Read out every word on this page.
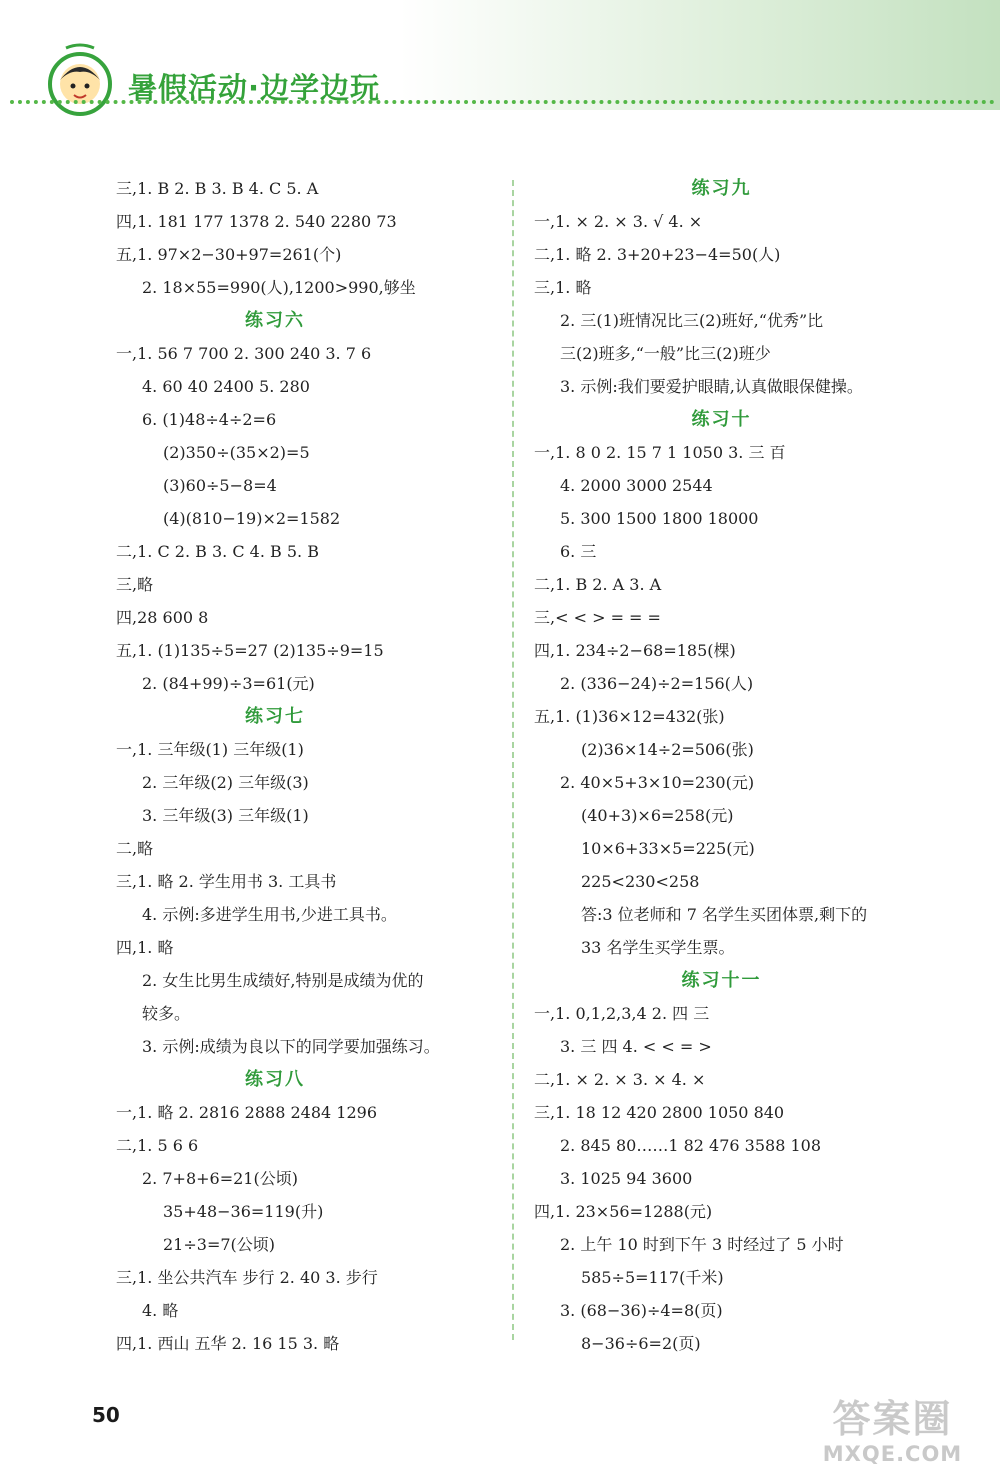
暑假活动·边学边玩
三,1. B 2. B 3. B 4. C 5. A
四,1. 181 177 1378 2. 540 2280 73
五,1. 97×2−30+97=261(个)
2. 18×55=990(人),1200>990,够坐
练习六
一,1. 56 7 700 2. 300 240 3. 7 6
4. 60 40 2400 5. 280
6. (1)48÷4÷2=6
(2)350÷(35×2)=5
(3)60÷5−8=4
(4)(810−19)×2=1582
二,1. C 2. B 3. C 4. B 5. B
三,略
四,28 600 8
五,1. (1)135÷5=27 (2)135÷9=15
2. (84+99)÷3=61(元)
练习七
一,1. 三年级(1) 三年级(1)
2. 三年级(2) 三年级(3)
3. 三年级(3) 三年级(1)
二,略
三,1. 略 2. 学生用书 3. 工具书
4. 示例:多进学生用书,少进工具书。
四,1. 略
2. 女生比男生成绩好,特别是成绩为优的
较多。
3. 示例:成绩为良以下的同学要加强练习。
练习八
一,1. 略 2. 2816 2888 2484 1296
二,1. 5 6 6
2. 7+8+6=21(公顷)
35+48−36=119(升)
21÷3=7(公顷)
三,1. 坐公共汽车 步行 2. 40 3. 步行
4. 略
四,1. 西山 五华 2. 16 15 3. 略
练习九
一,1. × 2. × 3. √ 4. ×
二,1. 略 2. 3+20+23−4=50(人)
三,1. 略
2. 三(1)班情况比三(2)班好,“优秀”比
三(2)班多,“一般”比三(2)班少
3. 示例:我们要爱护眼睛,认真做眼保健操。
练习十
一,1. 8 0 2. 15 7 1 1050 3. 三 百
4. 2000 3000 2544
5. 300 1500 1800 18000
6. 三
二,1. B 2. A 3. A
三,< < > = = =
四,1. 234÷2−68=185(棵)
2. (336−24)÷2=156(人)
五,1. (1)36×12=432(张)
(2)36×14÷2=506(张)
2. 40×5+3×10=230(元)
(40+3)×6=258(元)
10×6+33×5=225(元)
225<230<258
答:3 位老师和 7 名学生买团体票,剩下的
33 名学生买学生票。
练习十一
一,1. 0,1,2,3,4 2. 四 三
3. 三 四 4. < < = >
二,1. × 2. × 3. × 4. ×
三,1. 18 12 420 2800 1050 840
2. 845 80……1 82 476 3588 108
3. 1025 94 3600
四,1. 23×56=1288(元)
2. 上午 10 时到下午 3 时经过了 5 小时
585÷5=117(千米)
3. (68−36)÷4=8(页)
8−36÷6=2(页)
50	答案圈
MXQE.COM
